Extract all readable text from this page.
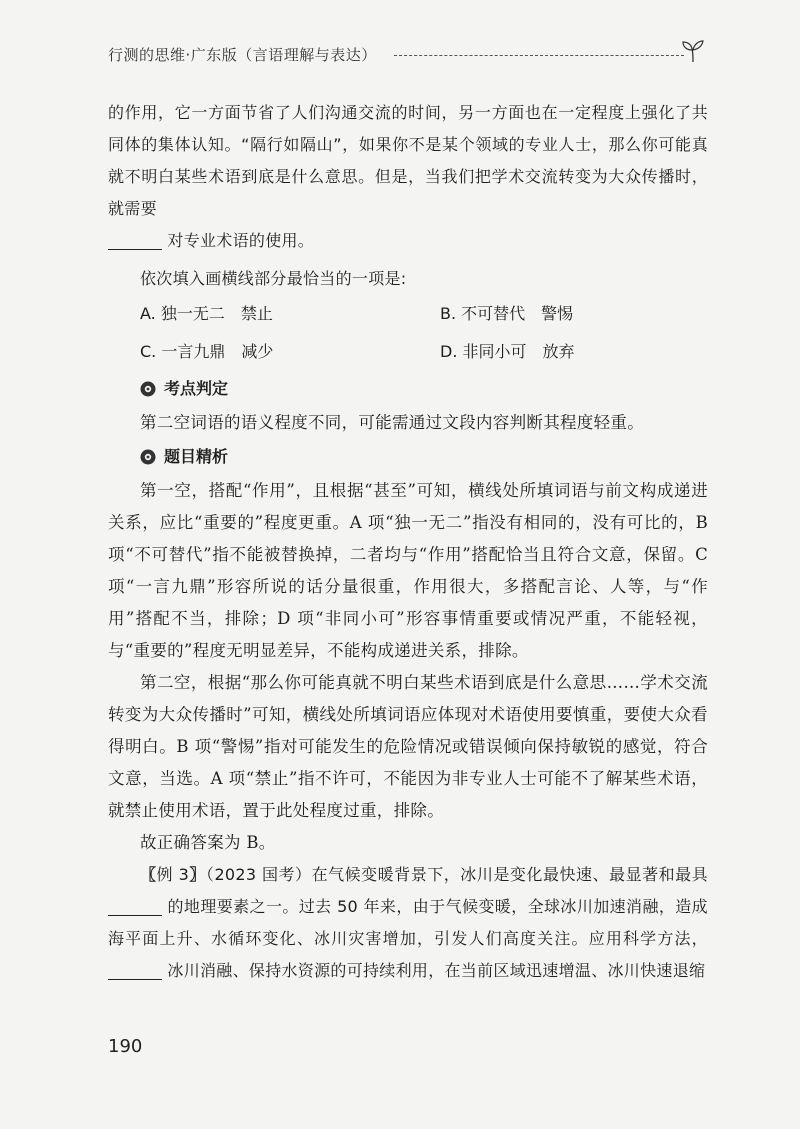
行测的思维·广东版（言语理解与表达）

的作用，它一方面节省了人们沟通交流的时间，另一方面也在一定程度上强化了共同体的集体认知。“隔行如隔山”，如果你不是某个领域的专业人士，那么你可能真就不明白某些术语到底是什么意思。但是，当我们把学术交流转变为大众传播时，就需要
对专业术语的使用。

依次填入画横线部分最恰当的一项是:

A. 独一无二　禁止	B. 不可替代　警惕
C. 一言九鼎　减少	D. 非同小可　放弃
考点判定

第二空词语的语义程度不同，可能需通过文段内容判断其程度轻重。

题目精析

第一空，搭配“作用”，且根据“甚至”可知，横线处所填词语与前文构成递进关系，应比“重要的”程度更重。A 项“独一无二”指没有相同的，没有可比的，B 项“不可替代”指不能被替换掉，二者均与“作用”搭配恰当且符合文意，保留。C 项“一言九鼎”形容所说的话分量很重，作用很大，多搭配言论、人等，与“作用”搭配不当，排除；D 项“非同小可”形容事情重要或情况严重，不能轻视，与“重要的”程度无明显差异，不能构成递进关系，排除。

第二空，根据“那么你可能真就不明白某些术语到底是什么意思……学术交流转变为大众传播时”可知，横线处所填词语应体现对术语使用要慎重，要使大众看得明白。B 项“警惕”指对可能发生的危险情况或错误倾向保持敏锐的感觉，符合文意，当选。A 项“禁止”指不许可，不能因为非专业人士可能不了解某些术语，就禁止使用术语，置于此处程度过重，排除。

故正确答案为 B。

〖例 3〗（2023 国考）在气候变暖背景下，冰川是变化最快速、最显著和最具  的地理要素之一。过去 50 年来，由于气候变暖，全球冰川加速消融，造成海平面上升、水循环变化、冰川灾害增加，引发人们高度关注。应用科学方法，  冰川消融、保持水资源的可持续利用，在当前区域迅速增温、冰川快速退缩

190
